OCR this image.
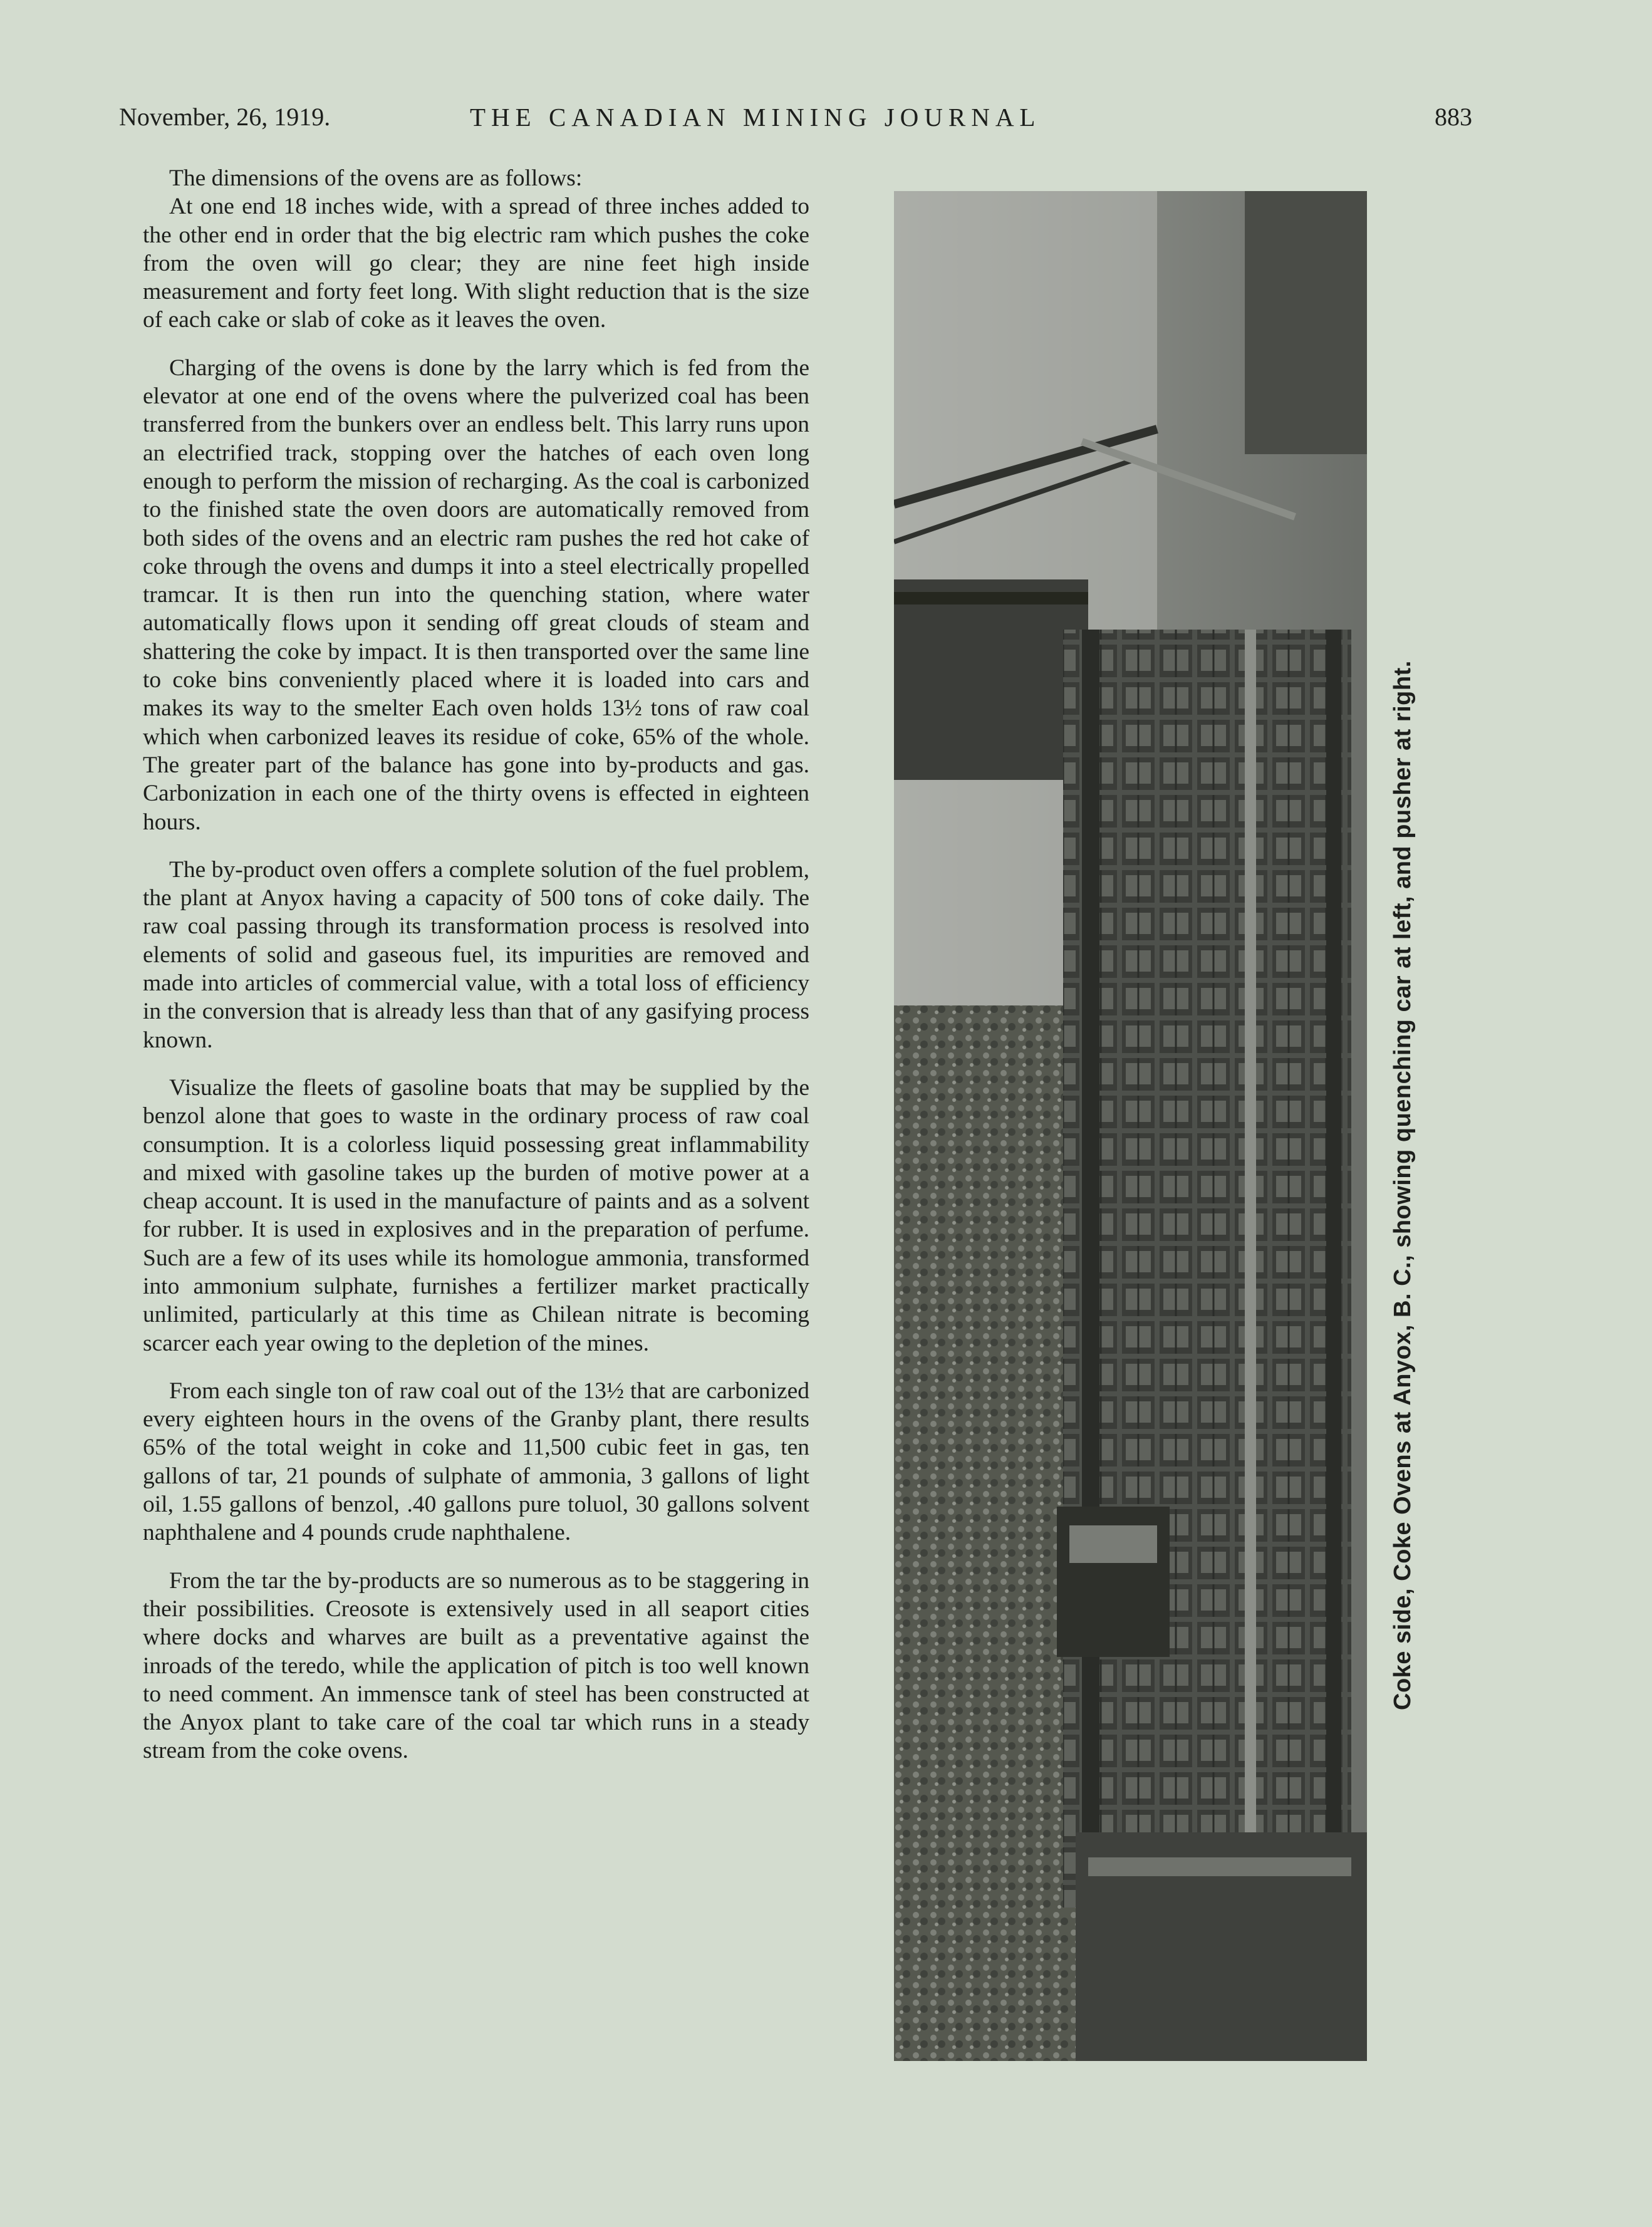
November, 26, 1919.	THE CANADIAN MINING JOURNAL	883

The dimensions of the ovens are as follows:

At one end 18 inches wide, with a spread of three inches added to the other end in order that the big electric ram which pushes the coke from the oven will go clear; they are nine feet high inside measurement and forty feet long. With slight reduction that is the size of each cake or slab of coke as it leaves the oven.

Charging of the ovens is done by the larry which is fed from the elevator at one end of the ovens where the pulverized coal has been transferred from the bunkers over an endless belt. This larry runs upon an electrified track, stopping over the hatches of each oven long enough to perform the mission of recharging. As the coal is carbonized to the finished state the oven doors are automatically removed from both sides of the ovens and an electric ram pushes the red hot cake of coke through the ovens and dumps it into a steel electrically propelled tramcar. It is then run into the quenching station, where water automatically flows upon it sending off great clouds of steam and shattering the coke by impact. It is then transported over the same line to coke bins conveniently placed where it is loaded into cars and makes its way to the smelter Each oven holds 13½ tons of raw coal which when carbonized leaves its residue of coke, 65% of the whole. The greater part of the balance has gone into by-products and gas. Carbonization in each one of the thirty ovens is effected in eighteen hours.

The by-product oven offers a complete solution of the fuel problem, the plant at Anyox having a capacity of 500 tons of coke daily. The raw coal passing through its transformation process is resolved into elements of solid and gaseous fuel, its impurities are removed and made into articles of commercial value, with a total loss of efficiency in the conversion that is already less than that of any gasifying process known.

Visualize the fleets of gasoline boats that may be supplied by the benzol alone that goes to waste in the ordinary process of raw coal consumption. It is a colorless liquid possessing great inflammability and mixed with gasoline takes up the burden of motive power at a cheap account. It is used in the manufacture of paints and as a solvent for rubber. It is used in explosives and in the preparation of perfume. Such are a few of its uses while its homologue ammonia, transformed into ammonium sulphate, furnishes a fertilizer market practically unlimited, particularly at this time as Chilean nitrate is becoming scarcer each year owing to the depletion of the mines.

From each single ton of raw coal out of the 13½ that are carbonized every eighteen hours in the ovens of the Granby plant, there results 65% of the total weight in coke and 11,500 cubic feet in gas, ten gallons of tar, 21 pounds of sulphate of ammonia, 3 gallons of light oil, 1.55 gallons of benzol, .40 gallons pure toluol, 30 gallons solvent naphthalene and 4 pounds crude naphthalene.

From the tar the by-products are so numerous as to be staggering in their possibilities. Creosote is extensively used in all seaport cities where docks and wharves are built as a preventative against the inroads of the teredo, while the application of pitch is too well known to need comment. An immensce tank of steel has been constructed at the Anyox plant to take care of the coal tar which runs in a steady stream from the coke ovens.

Coke side, Coke Ovens at Anyox, B. C., showing quenching car at left, and pusher at right.
